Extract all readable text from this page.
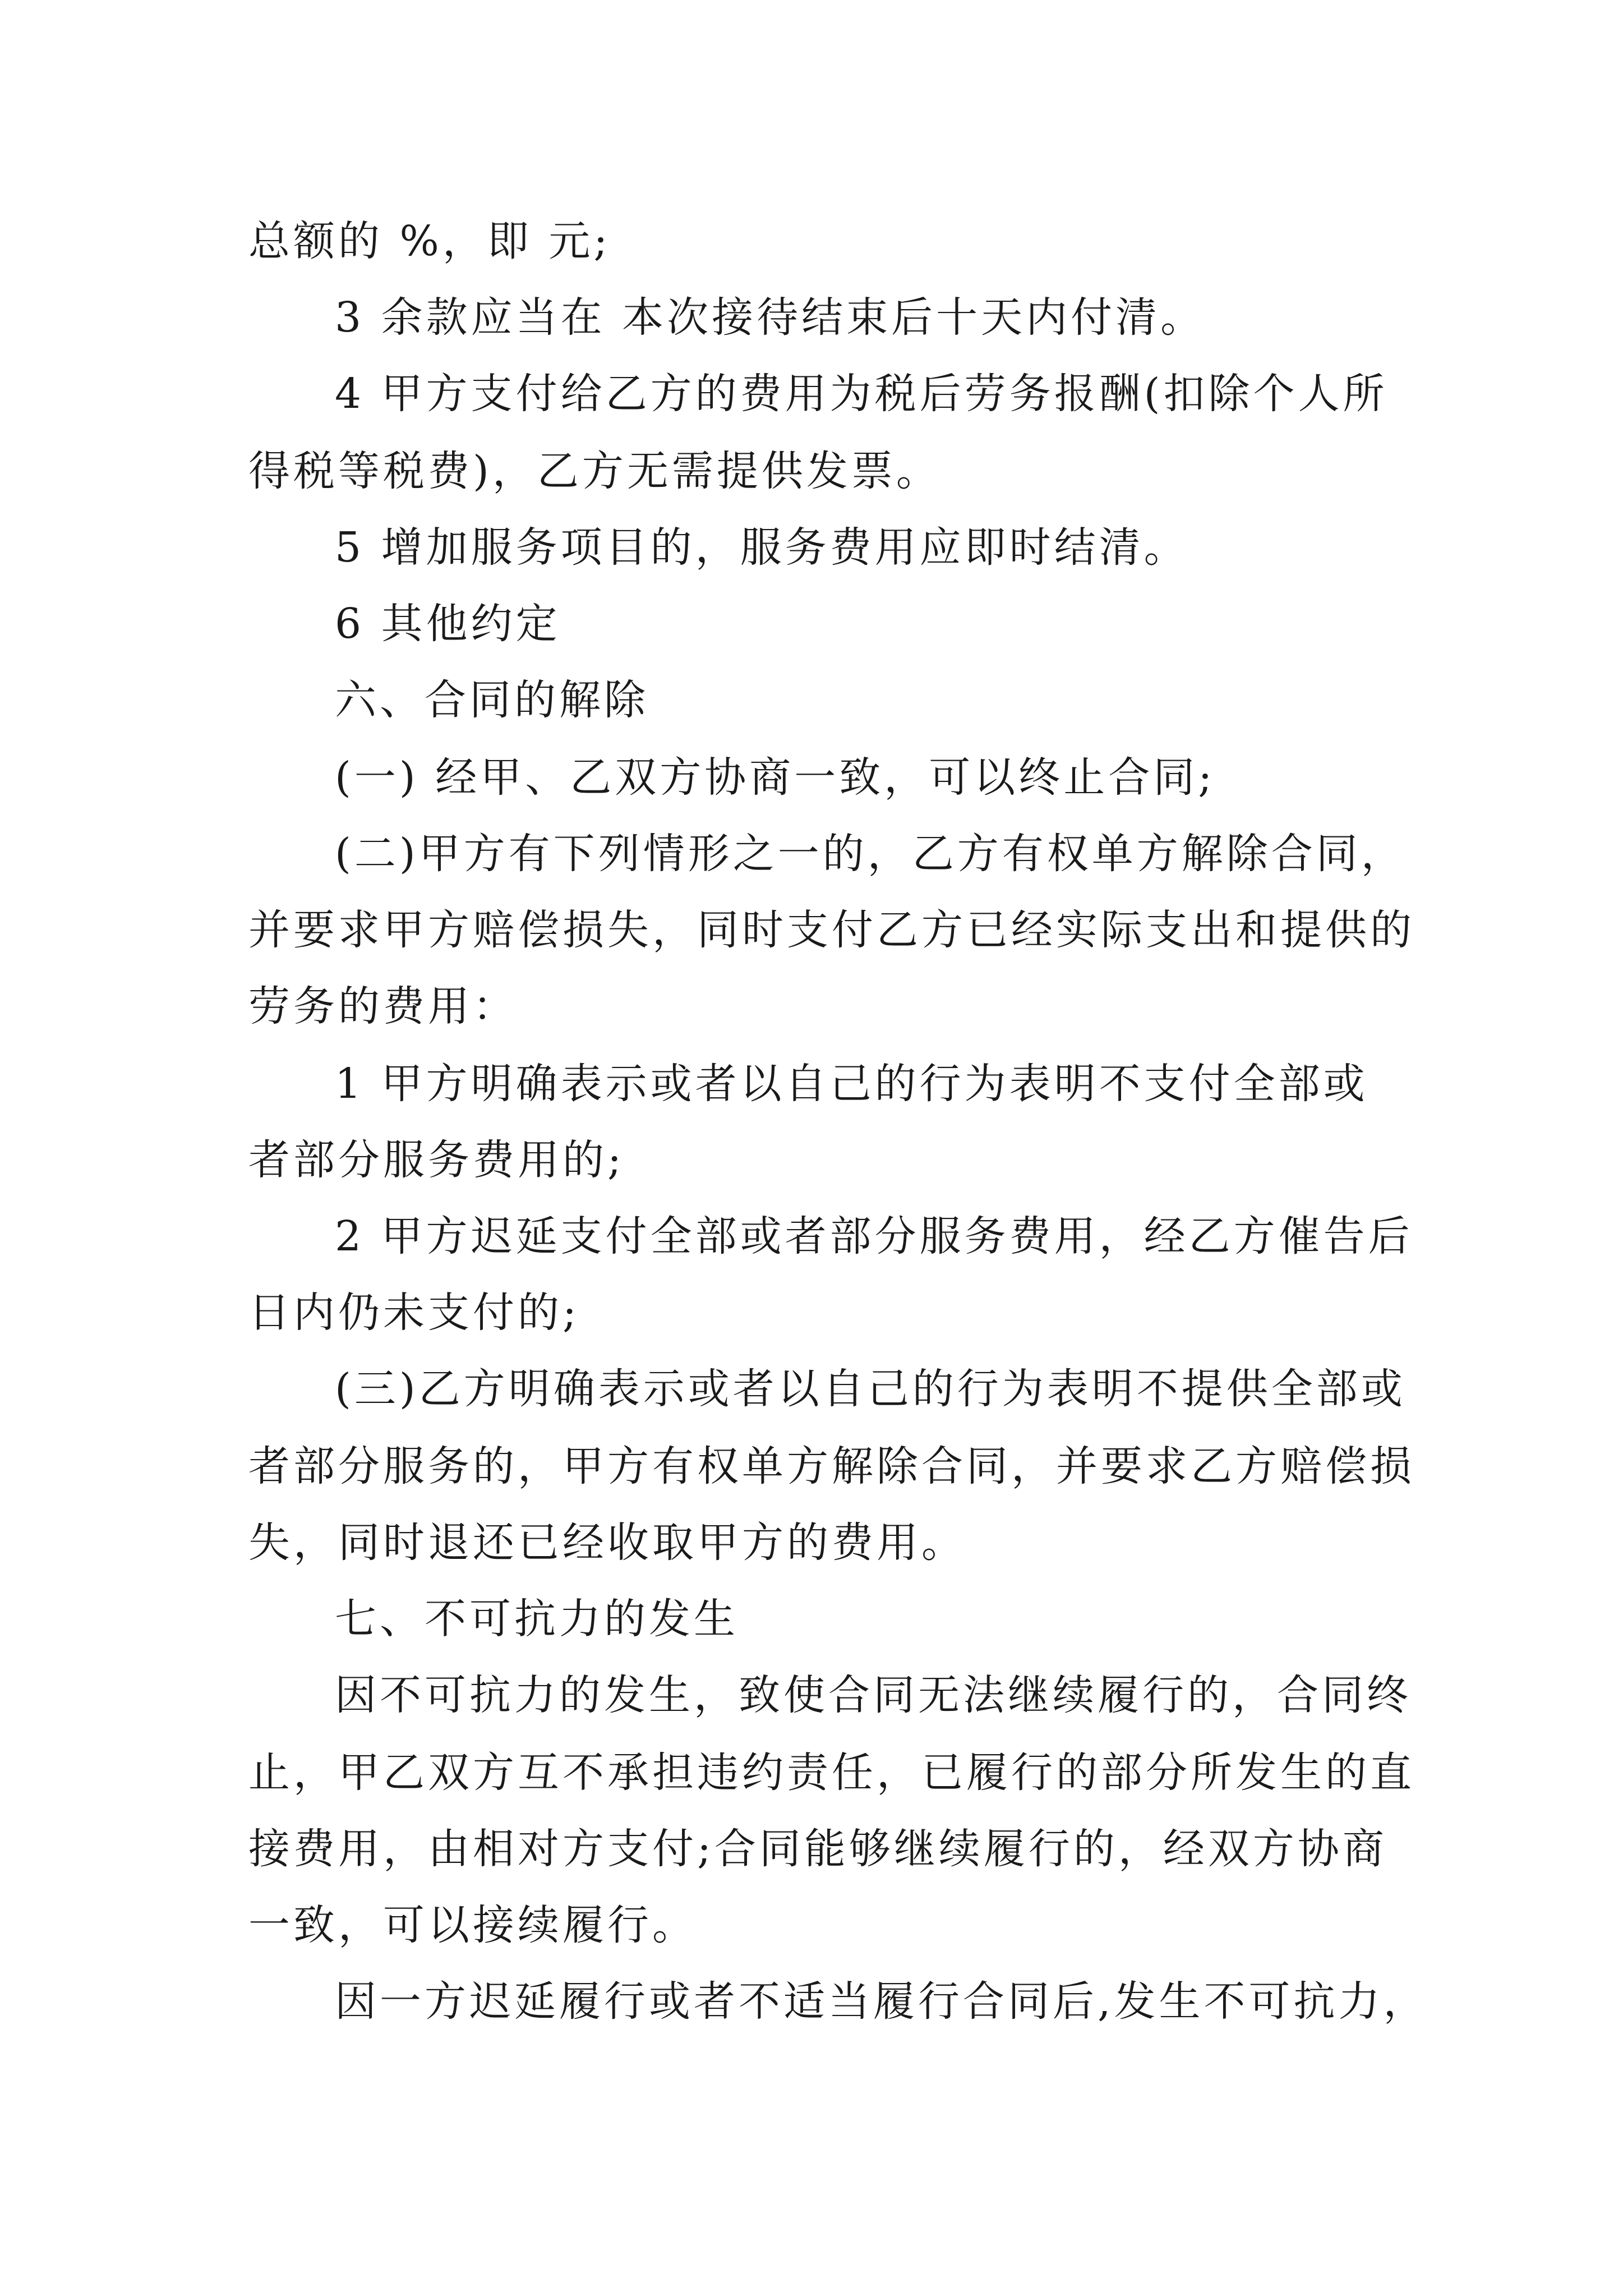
总额的 %，即 元;
3 余款应当在 本次接待结束后十天内付清。
4 甲方支付给乙方的费用为税后劳务报酬(扣除个人所
得税等税费)，乙方无需提供发票。
5 增加服务项目的，服务费用应即时结清。
6 其他约定
六、合同的解除
(一) 经甲、乙双方协商一致，可以终止合同;
(二)甲方有下列情形之一的，乙方有权单方解除合同，
并要求甲方赔偿损失，同时支付乙方已经实际支出和提供的
劳务的费用：
1 甲方明确表示或者以自己的行为表明不支付全部或
者部分服务费用的;
2 甲方迟延支付全部或者部分服务费用，经乙方催告后
日内仍未支付的;
(三)乙方明确表示或者以自己的行为表明不提供全部或
者部分服务的，甲方有权单方解除合同，并要求乙方赔偿损
失，同时退还已经收取甲方的费用。
七、不可抗力的发生
因不可抗力的发生，致使合同无法继续履行的，合同终
止，甲乙双方互不承担违约责任，已履行的部分所发生的直
接费用，由相对方支付;合同能够继续履行的，经双方协商
一致，可以接续履行。
因一方迟延履行或者不适当履行合同后,发生不可抗力，
